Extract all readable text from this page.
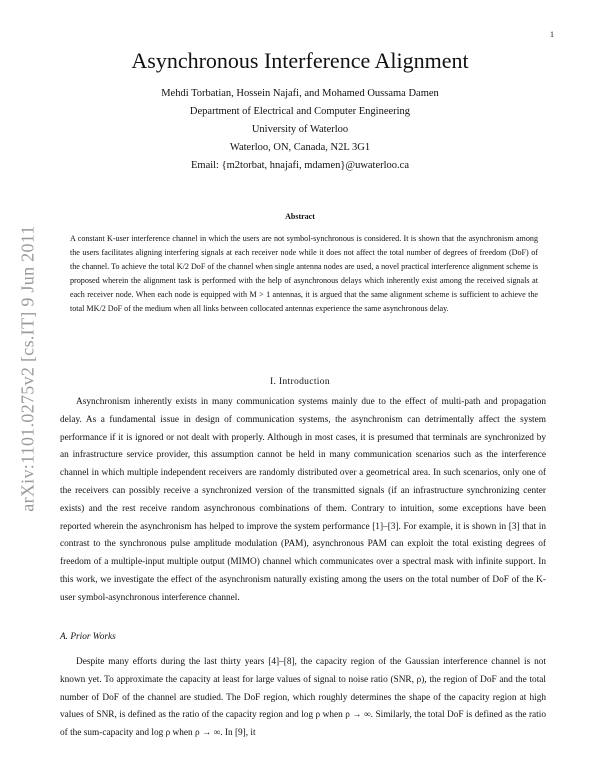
1
arXiv:1101.0275v2 [cs.IT] 9 Jun 2011
Asynchronous Interference Alignment
Mehdi Torbatian, Hossein Najafi, and Mohamed Oussama Damen
Department of Electrical and Computer Engineering
University of Waterloo
Waterloo, ON, Canada, N2L 3G1
Email: {m2torbat, hnajafi, mdamen}@uwaterloo.ca
Abstract
A constant K-user interference channel in which the users are not symbol-synchronous is considered. It is shown that the asynchronism among the users facilitates aligning interfering signals at each receiver node while it does not affect the total number of degrees of freedom (DoF) of the channel. To achieve the total K/2 DoF of the channel when single antenna nodes are used, a novel practical interference alignment scheme is proposed wherein the alignment task is performed with the help of asynchronous delays which inherently exist among the received signals at each receiver node. When each node is equipped with M > 1 antennas, it is argued that the same alignment scheme is sufficient to achieve the total MK/2 DoF of the medium when all links between collocated antennas experience the same asynchronous delay.
I. Introduction

Asynchronism inherently exists in many communication systems mainly due to the effect of multi-path and propagation delay. As a fundamental issue in design of communication systems, the asynchronism can detrimentally affect the system performance if it is ignored or not dealt with properly. Although in most cases, it is presumed that terminals are synchronized by an infrastructure service provider, this assumption cannot be held in many communication scenarios such as the interference channel in which multiple independent receivers are randomly distributed over a geometrical area. In such scenarios, only one of the receivers can possibly receive a synchronized version of the transmitted signals (if an infrastructure synchronizing center exists) and the rest receive random asynchronous combinations of them. Contrary to intuition, some exceptions have been reported wherein the asynchronism has helped to improve the system performance [1]–[3]. For example, it is shown in [3] that in contrast to the synchronous pulse amplitude modulation (PAM), asynchronous PAM can exploit the total existing degrees of freedom of a multiple-input multiple output (MIMO) channel which communicates over a spectral mask with infinite support. In this work, we investigate the effect of the asynchronism naturally existing among the users on the total number of DoF of the K-user symbol-asynchronous interference channel.

A. Prior Works

Despite many efforts during the last thirty years [4]–[8], the capacity region of the Gaussian interference channel is not known yet. To approximate the capacity at least for large values of signal to noise ratio (SNR, ρ), the region of DoF and the total number of DoF of the channel are studied. The DoF region, which roughly determines the shape of the capacity region at high values of SNR, is defined as the ratio of the capacity region and log ρ when ρ → ∞. Similarly, the total DoF is defined as the ratio of the sum-capacity and log ρ when ρ → ∞. In [9], it
